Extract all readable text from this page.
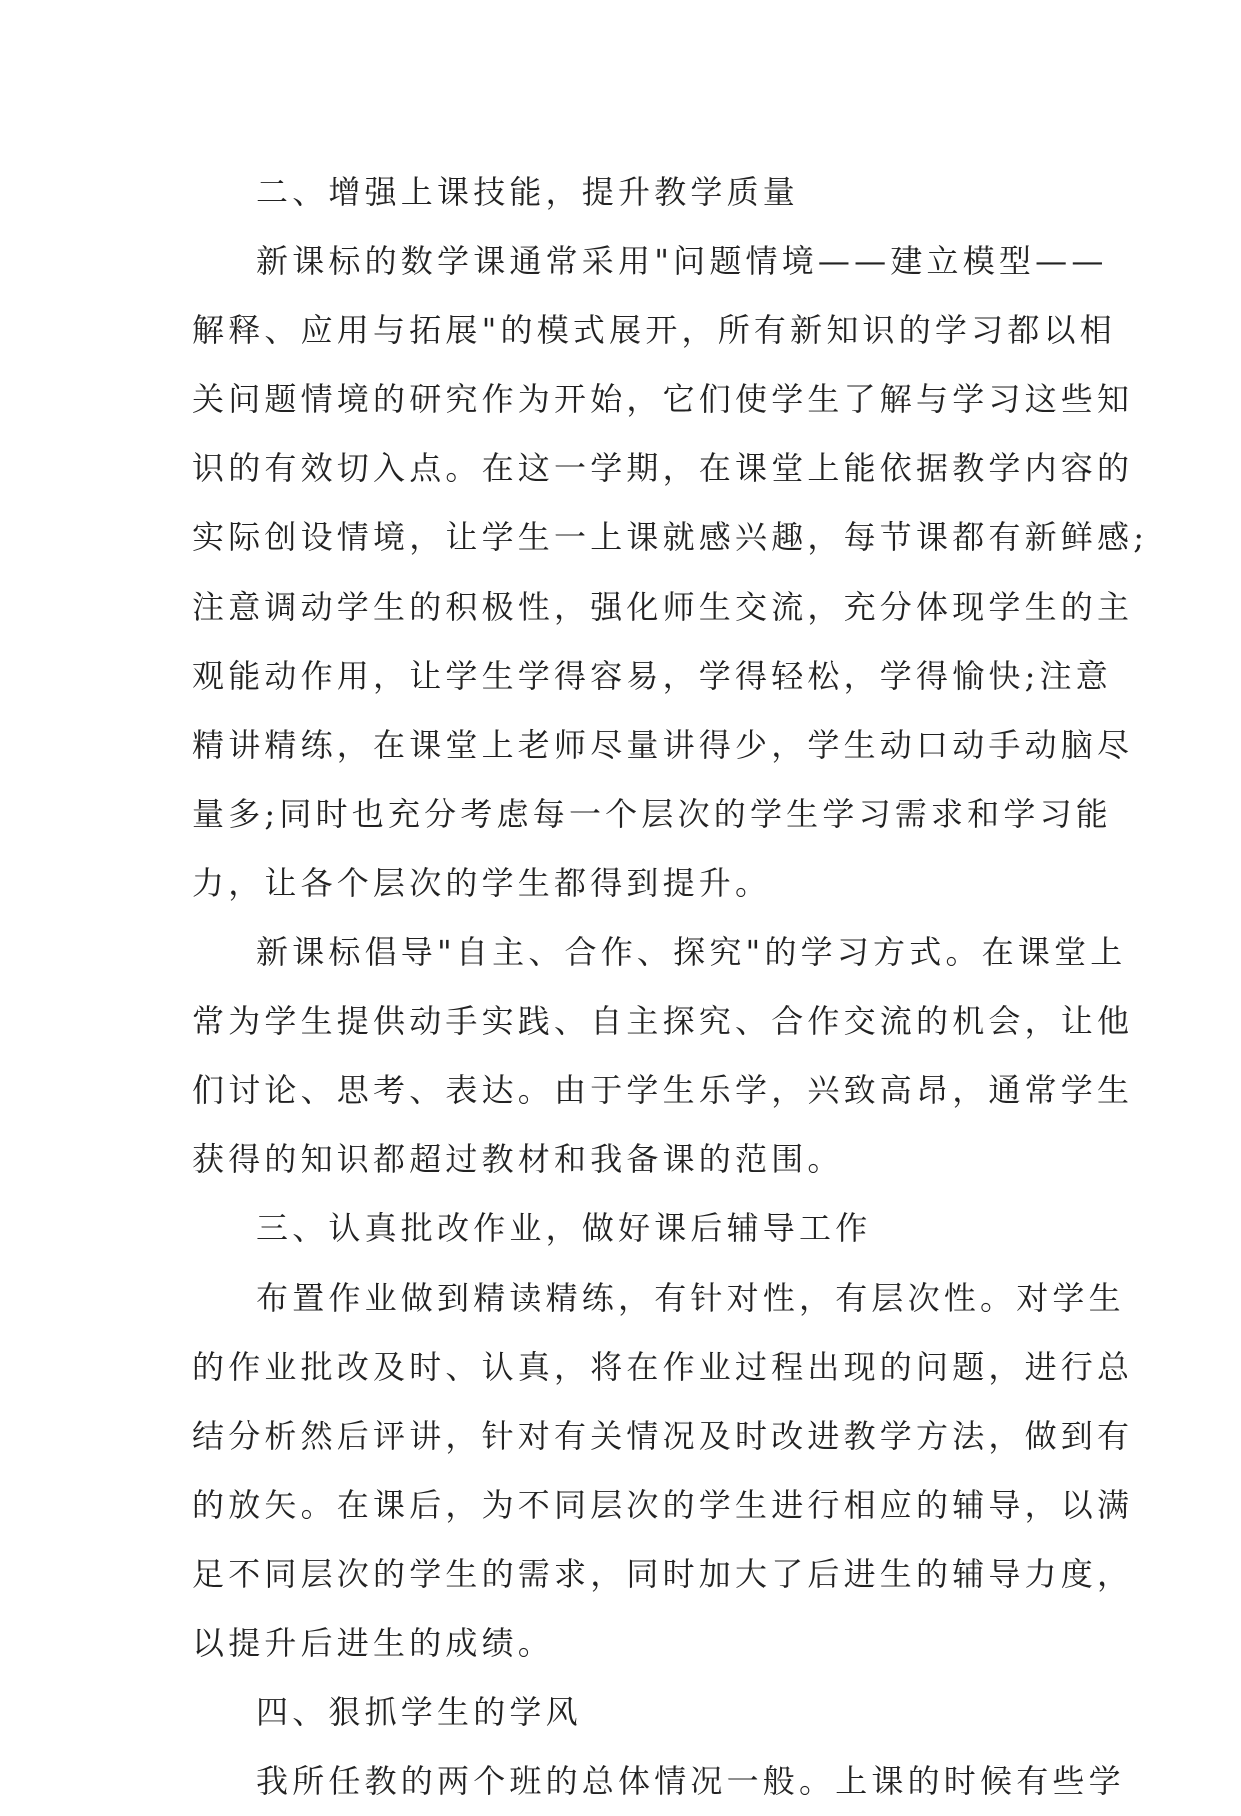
二、增强上课技能，提升教学质量
新课标的数学课通常采用"问题情境——建立模型——
解释、应用与拓展"的模式展开，所有新知识的学习都以相
关问题情境的研究作为开始，它们使学生了解与学习这些知
识的有效切入点。在这一学期，在课堂上能依据教学内容的
实际创设情境，让学生一上课就感兴趣，每节课都有新鲜感;
注意调动学生的积极性，强化师生交流，充分体现学生的主
观能动作用，让学生学得容易，学得轻松，学得愉快;注意
精讲精练，在课堂上老师尽量讲得少，学生动口动手动脑尽
量多;同时也充分考虑每一个层次的学生学习需求和学习能
力，让各个层次的学生都得到提升。
新课标倡导"自主、合作、探究"的学习方式。在课堂上
常为学生提供动手实践、自主探究、合作交流的机会，让他
们讨论、思考、表达。由于学生乐学，兴致高昂，通常学生
获得的知识都超过教材和我备课的范围。
三、认真批改作业，做好课后辅导工作
布置作业做到精读精练，有针对性，有层次性。对学生
的作业批改及时、认真，将在作业过程出现的问题，进行总
结分析然后评讲，针对有关情况及时改进教学方法，做到有
的放矢。在课后，为不同层次的学生进行相应的辅导，以满
足不同层次的学生的需求，同时加大了后进生的辅导力度，
以提升后进生的成绩。
四、狠抓学生的学风
我所任教的两个班的总体情况一般。上课的时候有些学
